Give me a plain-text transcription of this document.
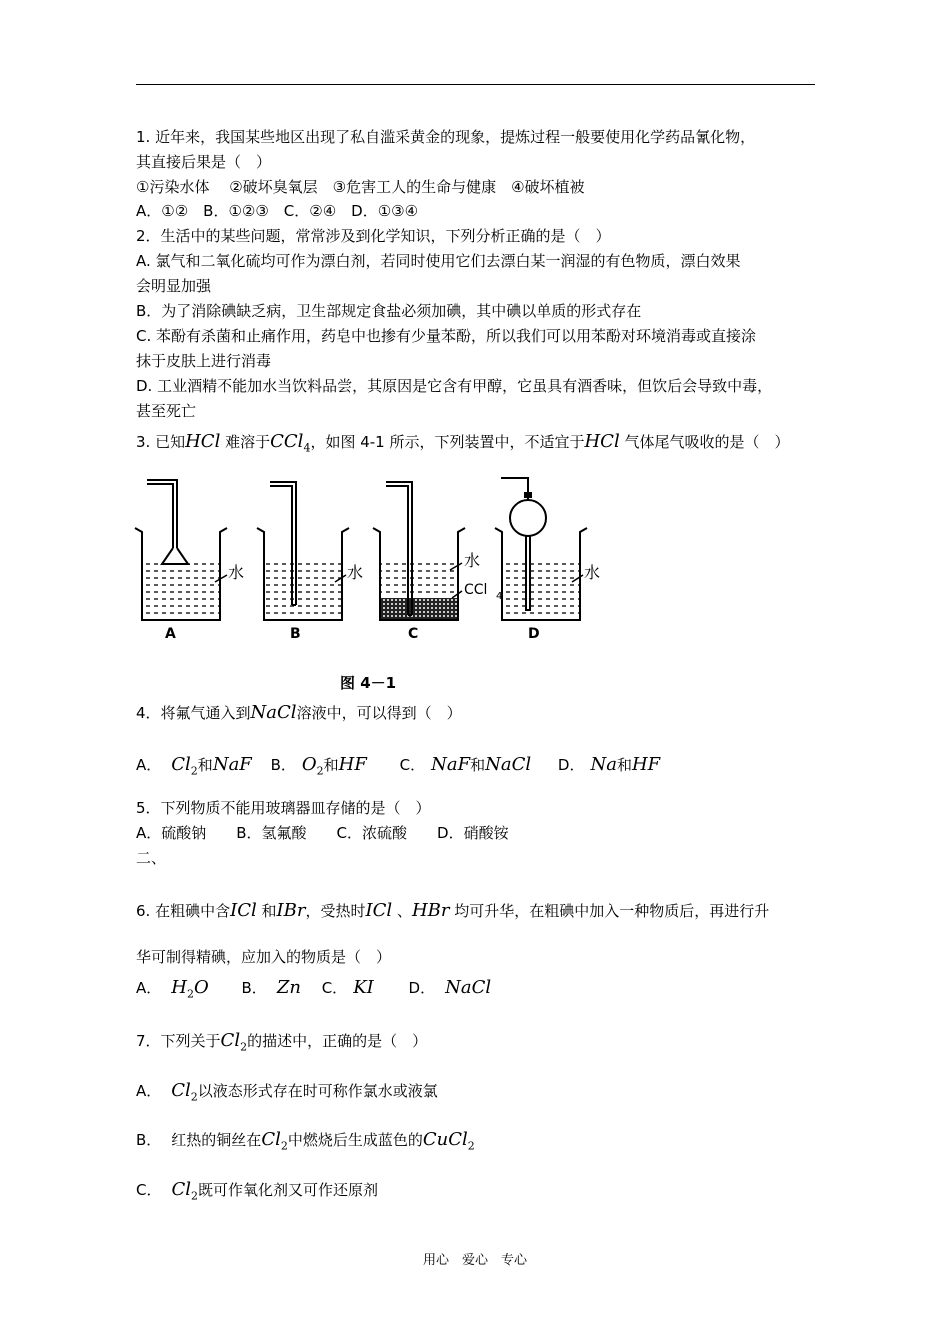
1. 近年来，我国某些地区出现了私自滥采黄金的现象，提炼过程一般要使用化学药品氰化物，
其直接后果是（　）
①污染水体　 ②破坏臭氧层　③危害工人的生命与健康　④破坏植被
A．①②　B．①②③　C．②④　D．①③④
2．生活中的某些问题，常常涉及到化学知识，下列分析正确的是（　）
A. 氯气和二氧化硫均可作为漂白剂，若同时使用它们去漂白某一润湿的有色物质，漂白效果
会明显加强
B．为了消除碘缺乏病，卫生部规定食盐必须加碘，其中碘以单质的形式存在
C. 苯酚有杀菌和止痛作用，药皂中也掺有少量苯酚，所以我们可以用苯酚对环境消毒或直接涂
抹于皮肤上进行消毒
D. 工业酒精不能加水当饮料品尝，其原因是它含有甲醇，它虽具有酒香味，但饮后会导致中毒，
甚至死亡
3. 已知HCl 难溶于CCl$_4$，如图 4-1 所示，下列装置中，不适宜于HCl 气体尾气吸收的是（　）
水
A
水
B
水
CCl 4
C
水
D
图 4－1
4．将氟气通入到NaCl溶液中，可以得到（　）
A． $Cl_2$和NaF B． $O_2$和HF C． NaF和NaCl D． Na和HF
5．下列物质不能用玻璃器皿存储的是（　）
A．硫酸钠　　B．氢氟酸　　C．浓硫酸　　D．硝酸铵
二、
6. 在粗碘中含ICl 和IBr，受热时ICl 、HBr 均可升华，在粗碘中加入一种物质后，再进行升
华可制得精碘，应加入的物质是（　）
A． $H_2O$ B． Zn C． KI D． NaCl
7．下列关于$Cl_2$的描述中，正确的是（　）
A． $Cl_2$以液态形式存在时可称作氯水或液氯
B． 红热的铜丝在$Cl_2$中燃烧后生成蓝色的CuCl$_2$
C． $Cl_2$既可作氧化剂又可作还原剂
用心　爱心　专心
